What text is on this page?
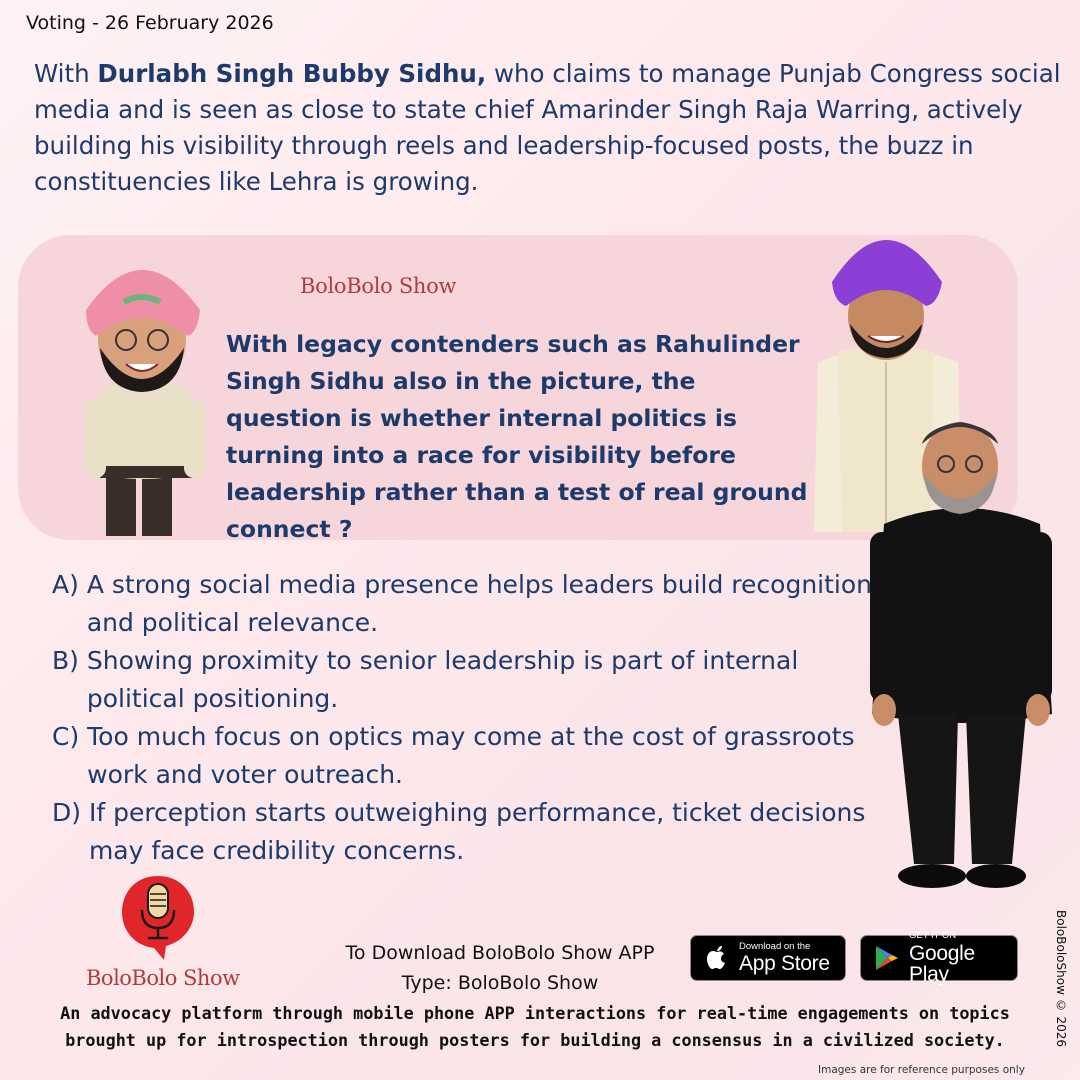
Voting - 26 February 2026

With Durlabh Singh Bubby Sidhu, who claims to manage Punjab Congress social media and is seen as close to state chief Amarinder Singh Raja Warring, actively building his visibility through reels and leadership-focused posts, the buzz in constituencies like Lehra is growing.

BoloBolo Show

With legacy contenders such as Rahulinder Singh Sidhu also in the picture, the question is whether internal politics is turning into a race for visibility before leadership rather than a test of real ground connect ?

A) A strong social media presence helps leaders build recognition and political relevance.
B) Showing proximity to senior leadership is part of internal political positioning.
C) Too much focus on optics may come at the cost of grassroots work and voter outreach.
D) If perception starts outweighing performance, ticket decisions may face credibility concerns.
BoloBolo Show
To Download BoloBolo Show APP
Type: BoloBolo Show
Download on the
App Store
GET IT ON
Google Play

An advocacy platform through mobile phone APP interactions for real-time engagements on topics brought up for introspection through posters for building a consensus in a civilized society.	BoloBoloShow © 2026
Images are for reference purposes only
